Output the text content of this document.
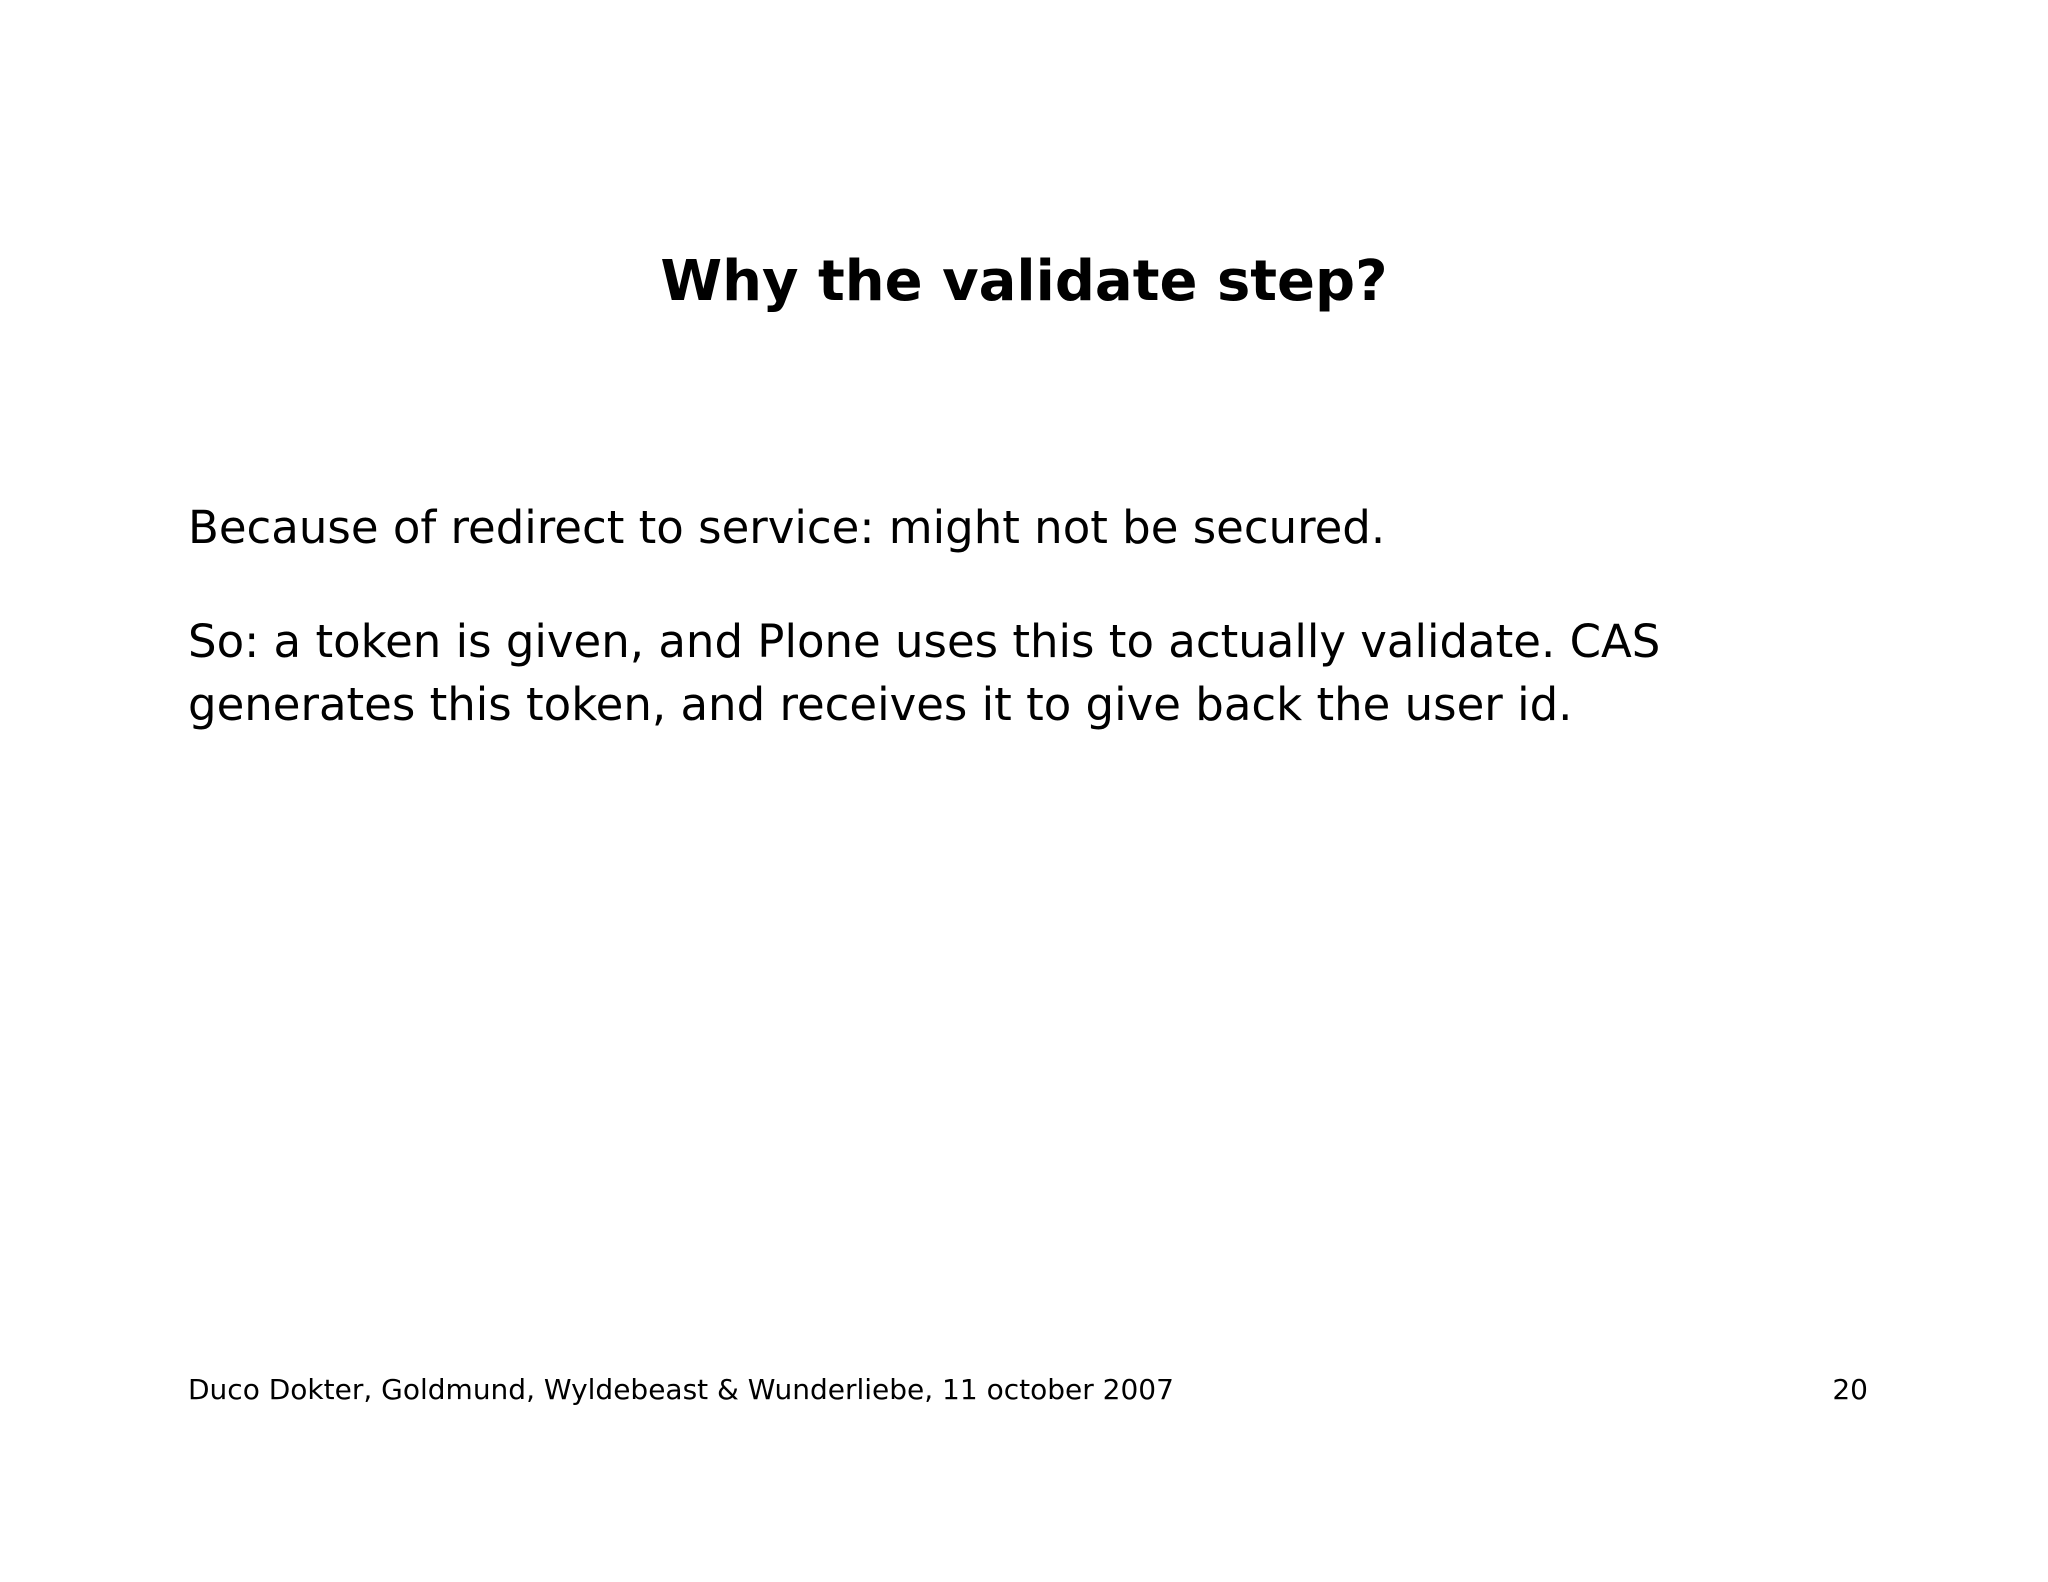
Why the validate step?

Because of redirect to service: might not be secured.

So: a token is given, and Plone uses this to actually validate. CAS generates this token, and receives it to give back the user id.

Duco Dokter, Goldmund, Wyldebeast & Wunderliebe, 11 october 2007	20
